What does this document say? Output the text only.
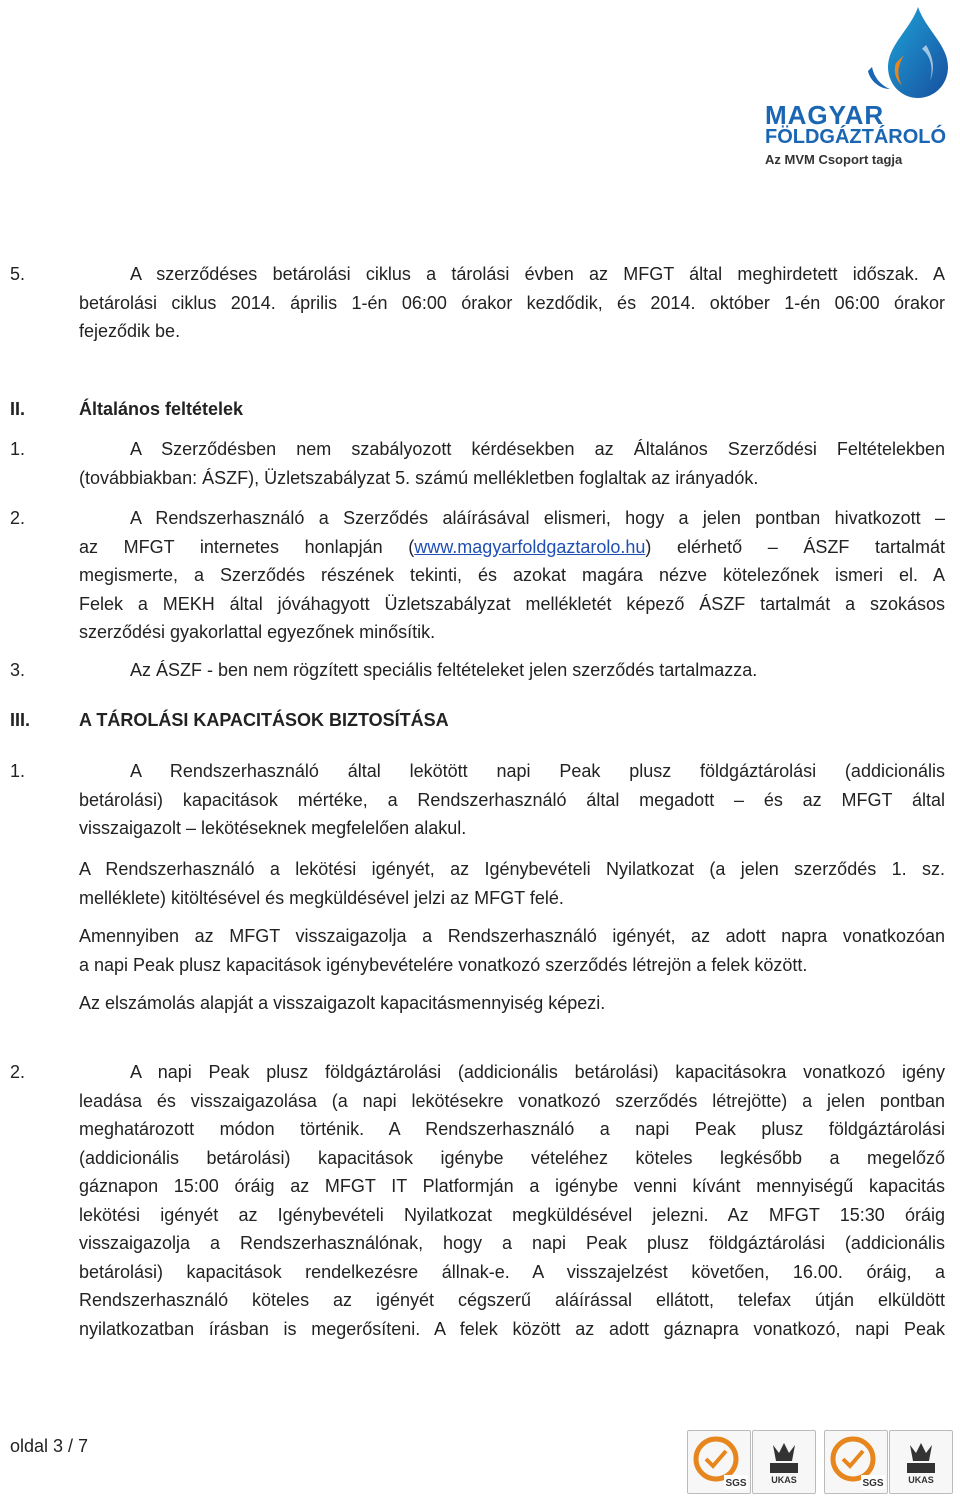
MAGYAR
FÖLDGÁZTÁROLÓ
Az MVM Csoport tagja
5.	A szerződéses betárolási ciklus a tárolási évben az MFGT által meghirdetett időszak. A
betárolási ciklus 2014. április 1-én 06:00 órakor kezdődik, és 2014. október 1-én 06:00 órakor
fejeződik be.
II.	Általános feltételek
1.	A Szerződésben nem szabályozott kérdésekben az Általános Szerződési Feltételekben
(továbbiakban: ÁSZF), Üzletszabályzat 5. számú mellékletben foglaltak az irányadók.
2.	A Rendszerhasználó a Szerződés aláírásával elismeri, hogy a jelen pontban hivatkozott –
az MFGT internetes honlapján (www.magyarfoldgaztarolo.hu) elérhető – ÁSZF tartalmát
megismerte, a Szerződés részének tekinti, és azokat magára nézve kötelezőnek ismeri el. A
Felek a MEKH által jóváhagyott Üzletszabályzat mellékletét képező ÁSZF tartalmát a szokásos
szerződési gyakorlattal egyezőnek minősítik.
3.	Az ÁSZF - ben nem rögzített speciális feltételeket jelen szerződés tartalmazza.
III.	A TÁROLÁSI KAPACITÁSOK BIZTOSÍTÁSA
1.	A Rendszerhasználó által lekötött napi Peak plusz földgáztárolási (addicionális
betárolási) kapacitások mértéke, a Rendszerhasználó által megadott – és az MFGT által
visszaigazolt – lekötéseknek megfelelően alakul.
A Rendszerhasználó a lekötési igényét, az Igénybevételi Nyilatkozat (a jelen szerződés 1. sz.
melléklete) kitöltésével és megküldésével jelzi az MFGT felé.
Amennyiben az MFGT visszaigazolja a Rendszerhasználó igényét, az adott napra vonatkozóan
a napi Peak plusz kapacitások igénybevételére vonatkozó szerződés létrejön a felek között.
Az elszámolás alapját a visszaigazolt kapacitásmennyiség képezi.
2.	A napi Peak plusz földgáztárolási (addicionális betárolási) kapacitásokra vonatkozó igény
leadása és visszaigazolása (a napi lekötésekre vonatkozó szerződés létrejötte) a jelen pontban
meghatározott módon történik. A Rendszerhasználó a napi Peak plusz földgáztárolási
(addicionális betárolási) kapacitások igénybe vételéhez köteles legkésőbb a megelőző
gáznapon 15:00 óráig az MFGT IT Platformján a igénybe venni kívánt mennyiségű kapacitás
lekötési igényét az Igénybevételi Nyilatkozat megküldésével jelezni. Az MFGT 15:30 óráig
visszaigazolja a Rendszerhasználónak, hogy a napi Peak plusz földgáztárolási (addicionális
betárolási) kapacitások rendelkezésre állnak-e. A visszajelzést követően, 16.00. óráig, a
Rendszerhasználó köteles az igényét cégszerű aláírással ellátott, telefax útján elküldött
nyilatkozatban írásban is megerősíteni. A felek között az adott gáznapra vonatkozó, napi Peak
oldal 3 / 7
SGS	UKAS	SGS	UKAS
